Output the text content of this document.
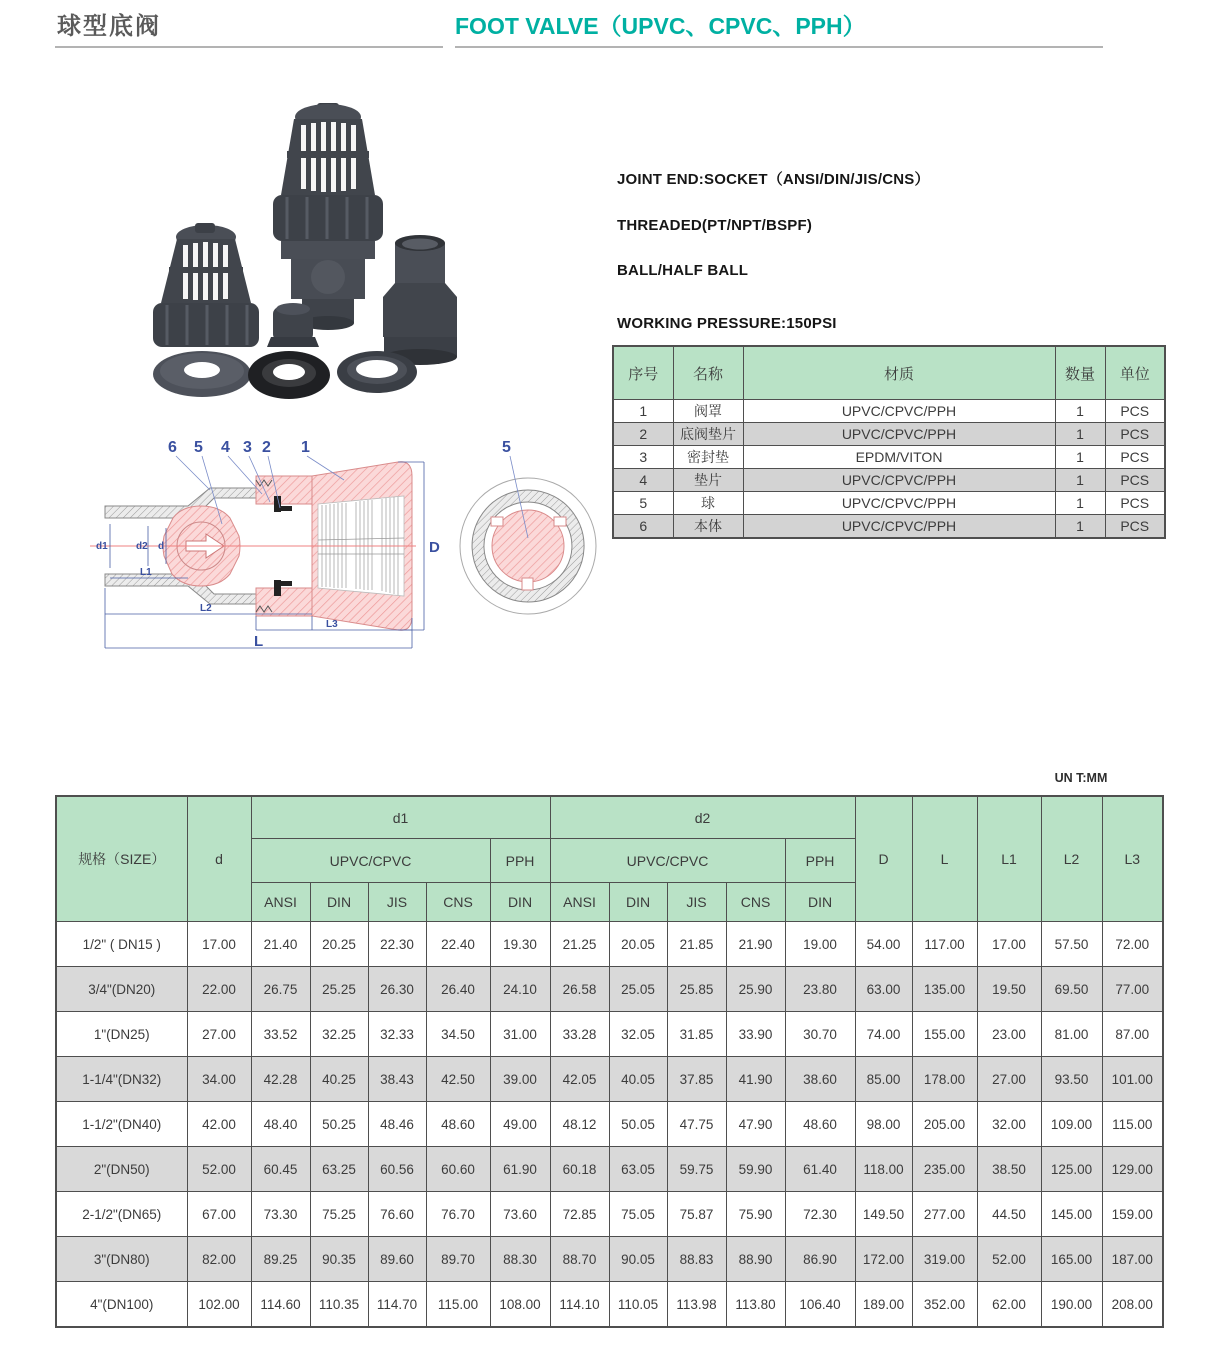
球型底阀	FOOT VALVE（UPVC、CPVC、PPH）
JOINT END:SOCKET（ANSI/DIN/JIS/CNS）
THREADED(PT/NPT/BSPF)
BALL/HALF BALL
WORKING PRESSURE:150PSI
序号	名称	材质	数量	单位
1	阀罩	UPVC/CPVC/PPH	1	PCS
2	底阀垫片	UPVC/CPVC/PPH	1	PCS
3	密封垫	EPDM/VITON	1	PCS
4	垫片	UPVC/CPVC/PPH	1	PCS
5	球	UPVC/CPVC/PPH	1	PCS
6	本体	UPVC/CPVC/PPH	1	PCS
d1	d2 d
L1
L2
L3
L
D
6 5 4 3 2 1	5
UN T:MM
规格（SIZE）	d	d1					d2					D	L	L1	L2	L3
		UPVC/CPVC				PPH	UPVC/CPVC				PPH					
		ANSI	DIN	JIS	CNS	DIN	ANSI	DIN	JIS	CNS	DIN					
1/2" ( DN15 )	17.00	21.40	20.25	22.30	22.40	19.30	21.25	20.05	21.85	21.90	19.00	54.00	117.00	17.00	57.50	72.00
3/4"(DN20)	22.00	26.75	25.25	26.30	26.40	24.10	26.58	25.05	25.85	25.90	23.80	63.00	135.00	19.50	69.50	77.00
1"(DN25)	27.00	33.52	32.25	32.33	34.50	31.00	33.28	32.05	31.85	33.90	30.70	74.00	155.00	23.00	81.00	87.00
1-1/4"(DN32)	34.00	42.28	40.25	38.43	42.50	39.00	42.05	40.05	37.85	41.90	38.60	85.00	178.00	27.00	93.50	101.00
1-1/2"(DN40)	42.00	48.40	50.25	48.46	48.60	49.00	48.12	50.05	47.75	47.90	48.60	98.00	205.00	32.00	109.00	115.00
2"(DN50)	52.00	60.45	63.25	60.56	60.60	61.90	60.18	63.05	59.75	59.90	61.40	118.00	235.00	38.50	125.00	129.00
2-1/2"(DN65)	67.00	73.30	75.25	76.60	76.70	73.60	72.85	75.05	75.87	75.90	72.30	149.50	277.00	44.50	145.00	159.00
3"(DN80)	82.00	89.25	90.35	89.60	89.70	88.30	88.70	90.05	88.83	88.90	86.90	172.00	319.00	52.00	165.00	187.00
4"(DN100)	102.00	114.60	110.35	114.70	115.00	108.00	114.10	110.05	113.98	113.80	106.40	189.00	352.00	62.00	190.00	208.00
